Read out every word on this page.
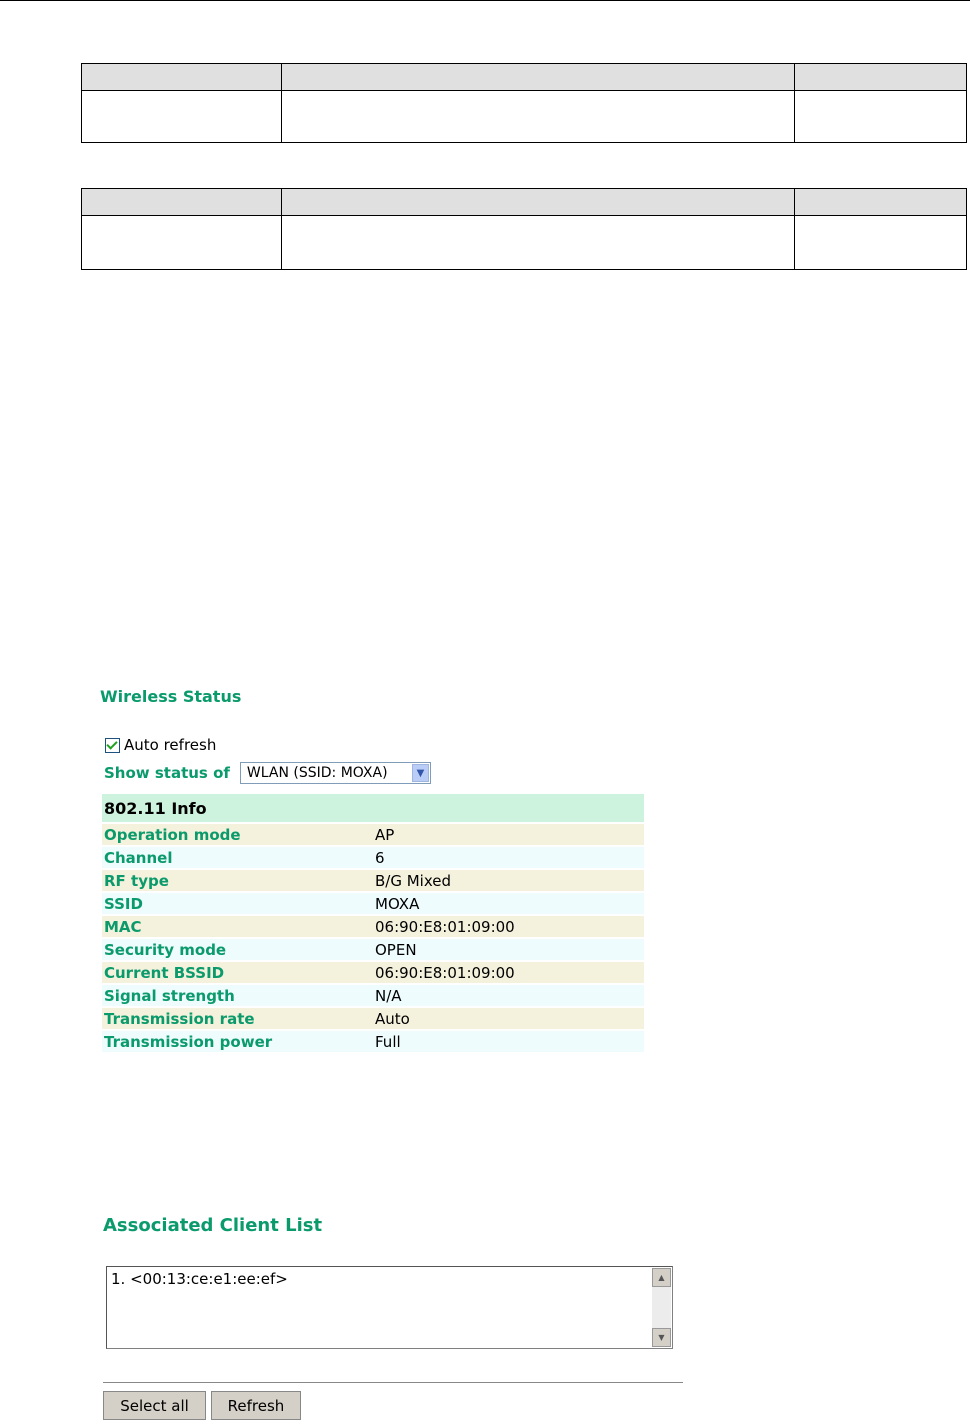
Wireless Status
Auto refresh
Show status of	WLAN (SSID: MOXA)	▼
802.11 Info	
Operation mode	AP
Channel	6
RF type	B/G Mixed
SSID	MOXA
MAC	06:90:E8:01:09:00
Security mode	OPEN
Current BSSID	06:90:E8:01:09:00
Signal strength	N/A
Transmission rate	Auto
Transmission power	Full
Associated Client List
1. <00:13:ce:e1:ee:ef>	▲
▼
Select all	Refresh
